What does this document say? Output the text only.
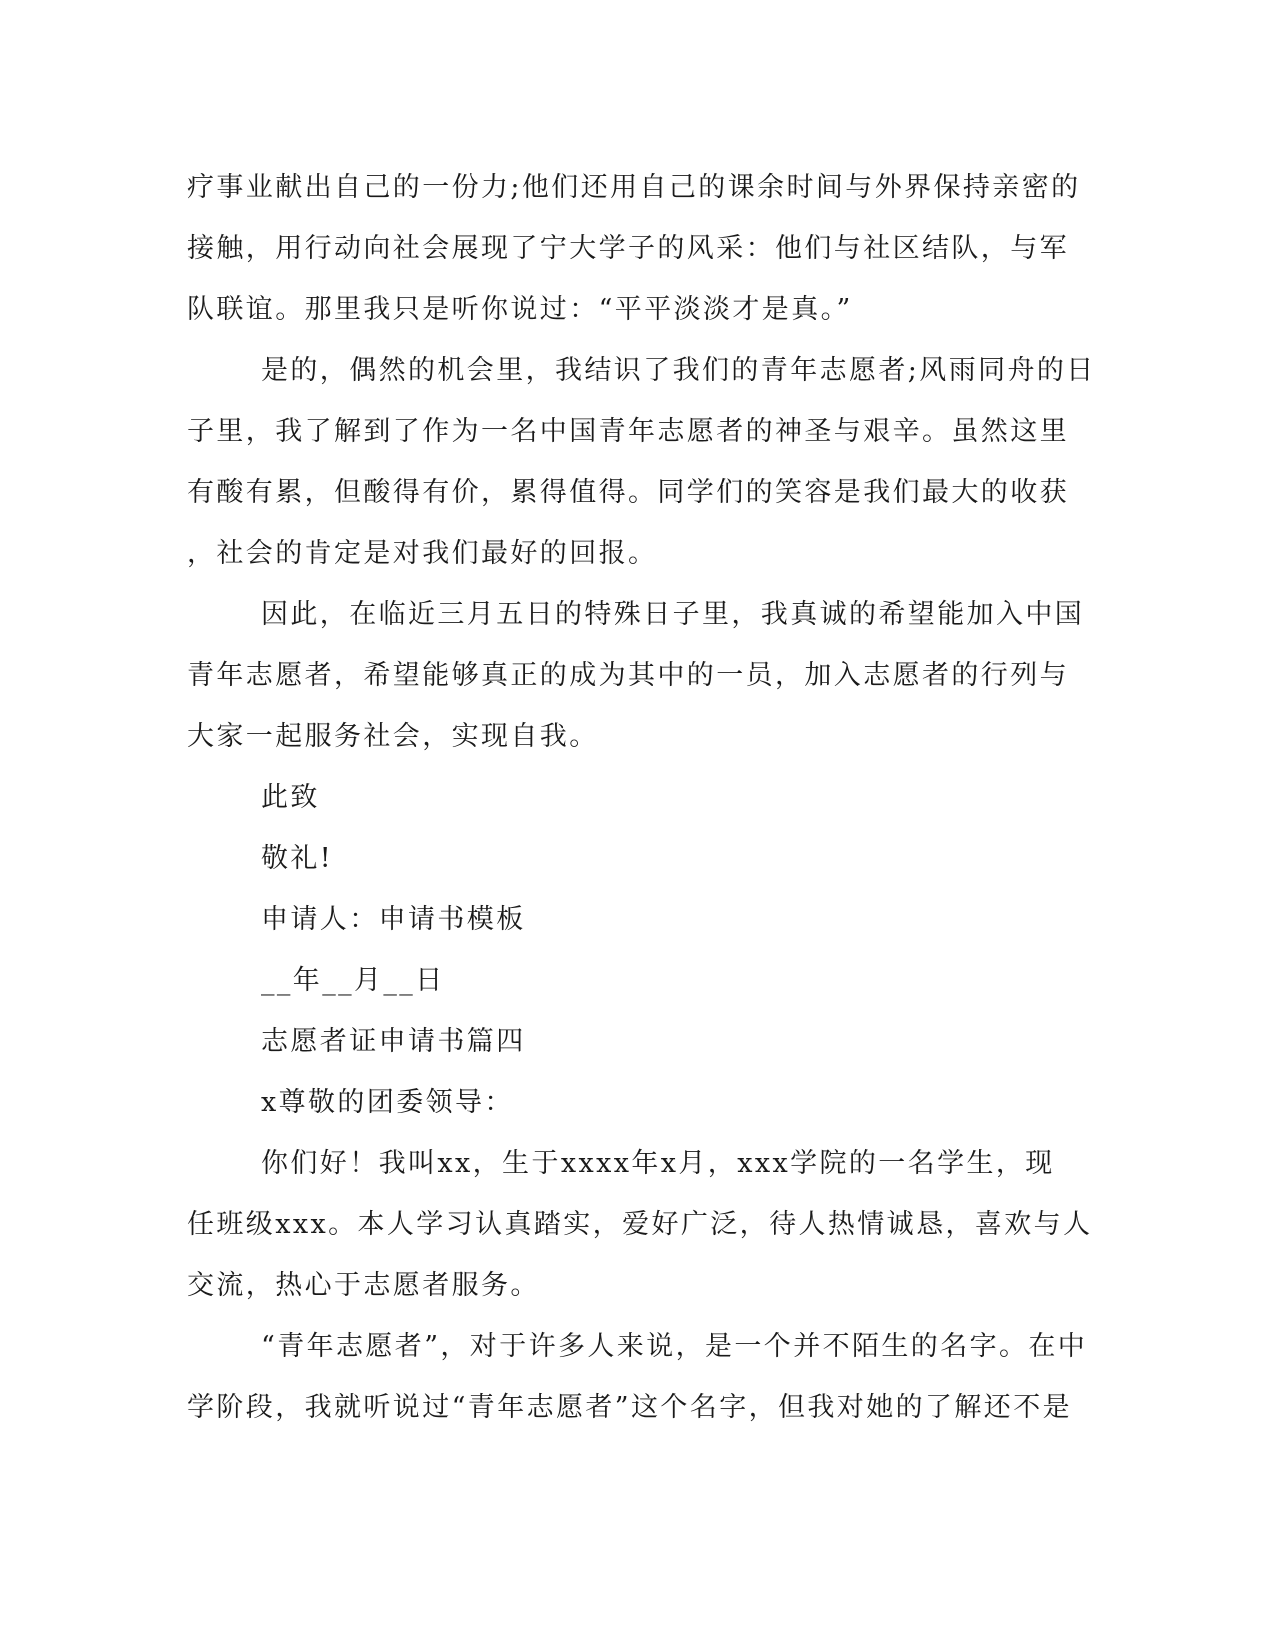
疗事业献出自己的一份力;他们还用自己的课余时间与外界保持亲密的
接触，用行动向社会展现了宁大学子的风采：他们与社区结队，与军
队联谊。那里我只是听你说过：“平平淡淡才是真。”
是的，偶然的机会里，我结识了我们的青年志愿者;风雨同舟的日
子里，我了解到了作为一名中国青年志愿者的神圣与艰辛。虽然这里
有酸有累，但酸得有价，累得值得。同学们的笑容是我们最大的收获
，社会的肯定是对我们最好的回报。
因此，在临近三月五日的特殊日子里，我真诚的希望能加入中国
青年志愿者，希望能够真正的成为其中的一员，加入志愿者的行列与
大家一起服务社会，实现自我。
此致
敬礼!
申请人：申请书模板
__年__月__日
志愿者证申请书篇四
x尊敬的团委领导：
你们好！我叫xx，生于xxxx年x月，xxx学院的一名学生，现
任班级xxx。本人学习认真踏实，爱好广泛，待人热情诚恳，喜欢与人
交流，热心于志愿者服务。
“青年志愿者”，对于许多人来说，是一个并不陌生的名字。在中
学阶段，我就听说过“青年志愿者”这个名字，但我对她的了解还不是
